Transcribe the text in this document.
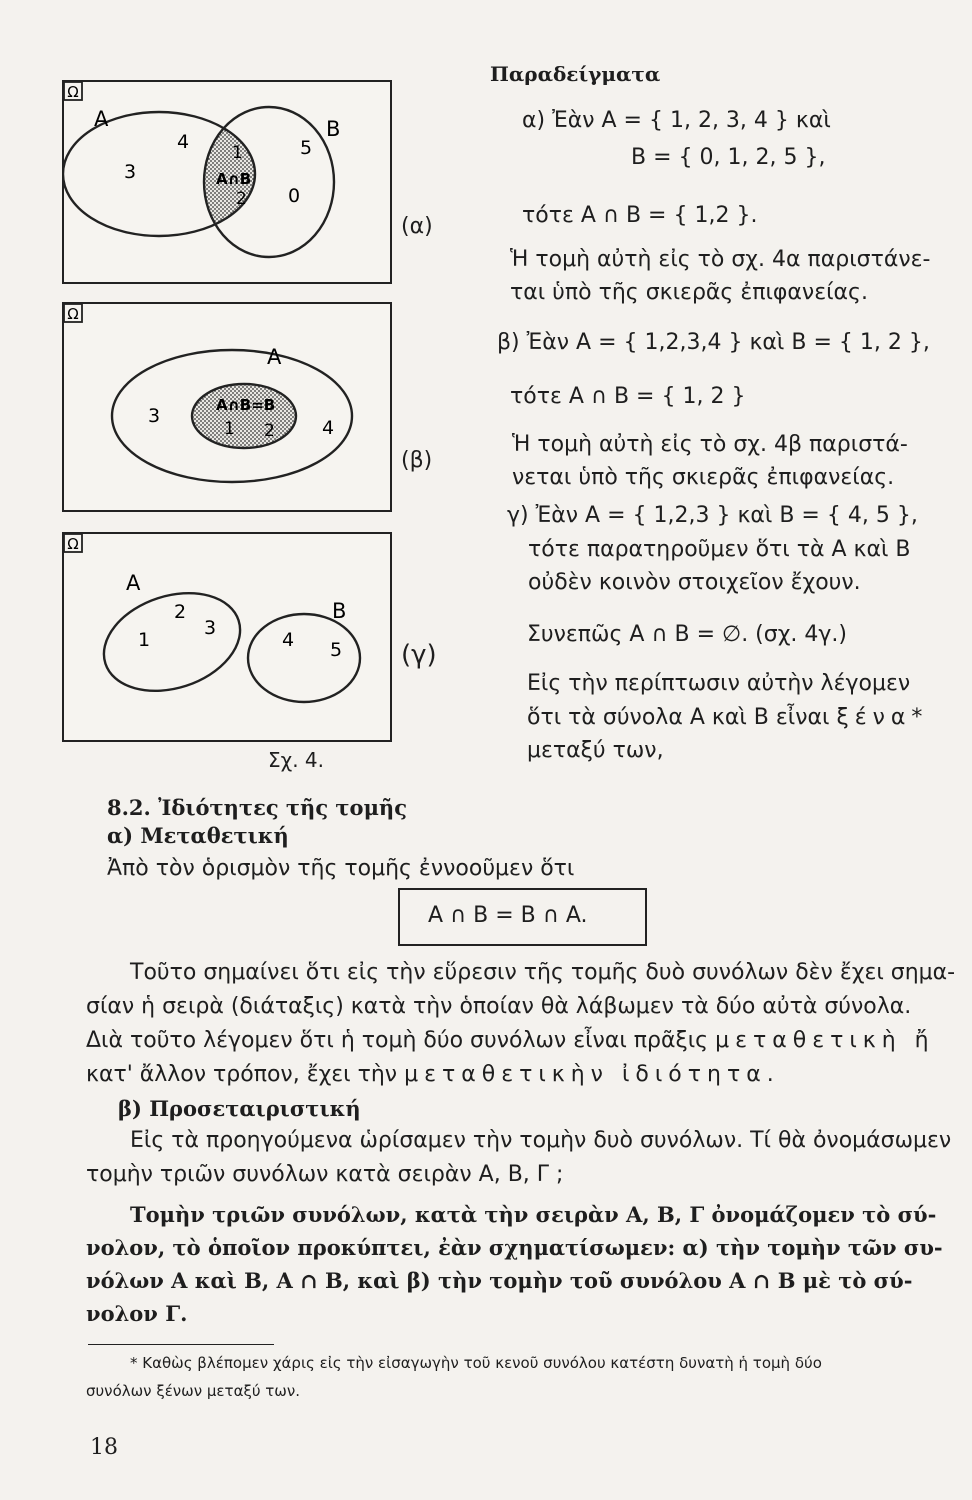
Ω
A	B
3
4	1
A∩B
2
5
0
(α)
Ω
A
A∩B=B
3
4
1 2
(β)
Ω
A
B
1
2
3
4 5 (γ)
Σχ. 4.
Παραδείγματα
α) Ἐὰν A = { 1, 2, 3, 4 } καὶ
B = { 0, 1, 2, 5 },
τότε A ∩ B = { 1,2 }.
Ἡ τομὴ αὐτὴ εἰς τὸ σχ. 4α παριστάνε-
ται ὑπὸ τῆς σκιερᾶς ἐπιφανείας.
β) Ἐὰν A = { 1,2,3,4 } καὶ B = { 1, 2 },
τότε A ∩ B = { 1, 2 }
Ἡ τομὴ αὐτὴ εἰς τὸ σχ. 4β παριστά-
νεται ὑπὸ τῆς σκιερᾶς ἐπιφανείας.
γ) Ἐὰν A = { 1,2,3 } καὶ B = { 4, 5 },
τότε παρατηροῦμεν ὅτι τὰ A καὶ B
οὐδὲν κοινὸν στοιχεῖον ἔχουν.
Συνεπῶς A ∩ B = ∅. (σχ. 4γ.)
Εἰς τὴν περίπτωσιν αὐτὴν λέγομεν
ὅτι τὰ σύνολα A καὶ B εἶναι ξένα*
μεταξύ των,
8.2. Ἰδιότητες τῆς τομῆς
α) Μεταθετική
Ἀπὸ τὸν ὁρισμὸν τῆς τομῆς ἐννοοῦμεν ὅτι
A ∩ B = B ∩ A.
Τοῦτο σημαίνει ὅτι εἰς τὴν εὕρεσιν τῆς τομῆς δυὸ συνόλων δὲν ἔχει σημα-
σίαν ἡ σειρὰ (διάταξις) κατὰ τὴν ὁποίαν θὰ λάβωμεν τὰ δύο αὐτὰ σύνολα.
Διὰ τοῦτο λέγομεν ὅτι ἡ τομὴ δύο συνόλων εἶναι πρᾶξις μεταθετικὴ ἤ
κατ' ἄλλον τρόπον, ἔχει τὴν μεταθετικὴν ἰδιότητα.
β) Προσεταιριστική
Εἰς τὰ προηγούμενα ὡρίσαμεν τὴν τομὴν δυὸ συνόλων. Τί θὰ ὀνομάσωμεν
τομὴν τριῶν συνόλων κατὰ σειρὰν A, B, Γ ;
Τομὴν τριῶν συνόλων, κατὰ τὴν σειρὰν A, B, Γ ὀνομάζομεν τὸ σύ-
νολον, τὸ ὁποῖον προκύπτει, ἐὰν σχηματίσωμεν: α) τὴν τομὴν τῶν συ-
νόλων A καὶ B, A ∩ B, καὶ β) τὴν τομὴν τοῦ συνόλου A ∩ B μὲ τὸ σύ-
νολον Γ.
* Καθὼς βλέπομεν χάρις εἰς τὴν εἰσαγωγὴν τοῦ κενοῦ συνόλου κατέστη δυνατὴ ἡ τομὴ δύο
συνόλων ξένων μεταξύ των.
18
